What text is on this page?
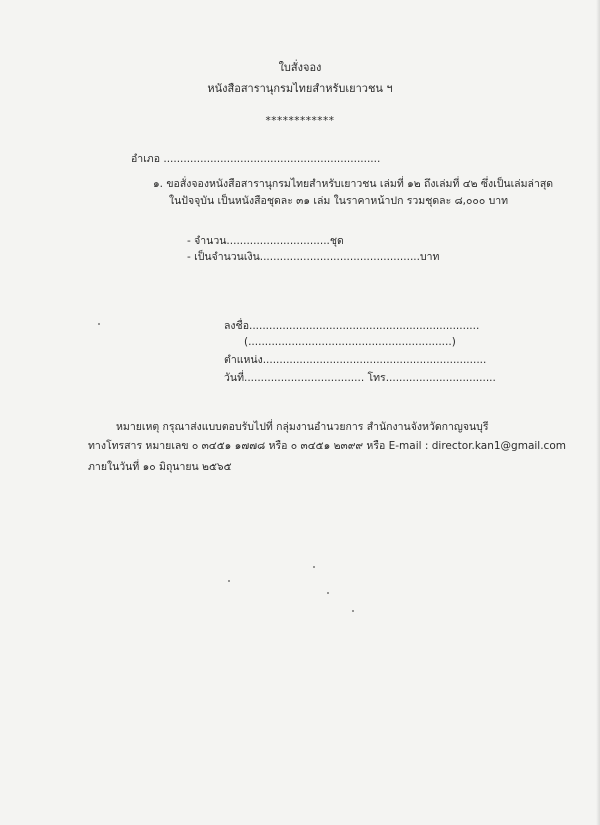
ใบสั่งจอง
หนังสือสารานุกรมไทยสำหรับเยาวชน ฯ
************
อำเภอ .................................................................
๑. ขอสั่งจองหนังสือสารานุกรมไทยสำหรับเยาวชน เล่มที่ ๑๒ ถึงเล่มที่ ๔๒ ซึ่งเป็นเล่มล่าสุด
ในปัจจุบัน เป็นหนังสือชุดละ ๓๑ เล่ม ในราคาหน้าปก รวมชุดละ ๘,๐๐๐ บาท
- จำนวน...............................ชุด
- เป็นจำนวนเงิน................................................บาท
ลงชื่อ.....................................................................
(.............................................................)
ตำแหน่ง...................................................................
วันที่.................................... โทร.................................
หมายเหตุ กรุณาส่งแบบตอบรับไปที่ กลุ่มงานอำนวยการ สำนักงานจังหวัดกาญจนบุรี
ทางโทรสาร หมายเลข ๐ ๓๔๕๑ ๑๗๗๘ หรือ ๐ ๓๔๕๑ ๒๓๙๙ หรือ E-mail : director.kan1@gmail.com
ภายในวันที่ ๑๐ มิถุนายน ๒๕๖๕
